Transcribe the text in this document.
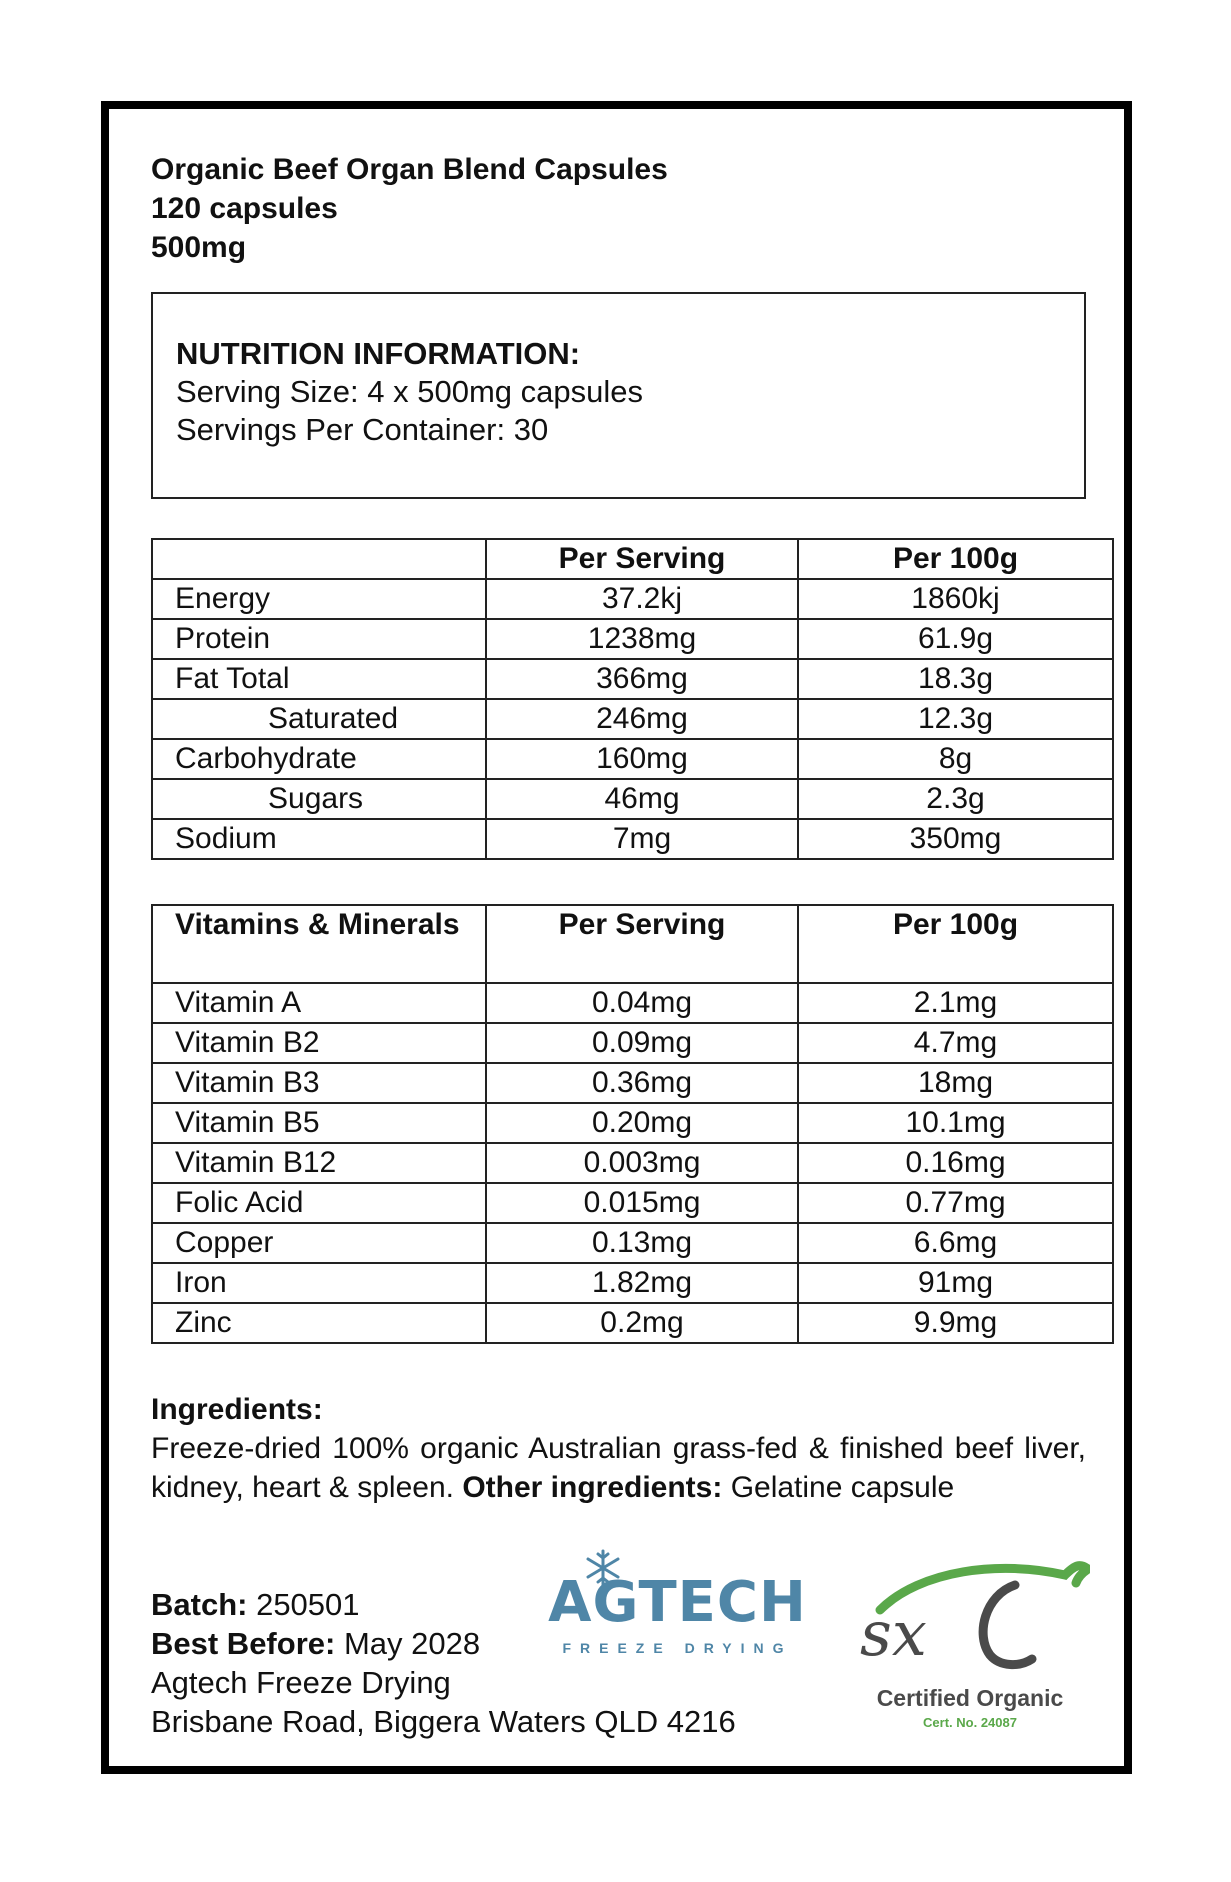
Organic Beef Organ Blend Capsules
120 capsules
500mg
NUTRITION INFORMATION:
Serving Size: 4 x 500mg capsules
Servings Per Container: 30
	Per Serving	Per 100g
Energy	37.2kj	1860kj
Protein	1238mg	61.9g
Fat Total	366mg	18.3g
Saturated	246mg	12.3g
Carbohydrate	160mg	8g
Sugars	46mg	2.3g
Sodium	7mg	350mg
Vitamins & Minerals	Per Serving	Per 100g
Vitamin A	0.04mg	2.1mg
Vitamin B2	0.09mg	4.7mg
Vitamin B3	0.36mg	18mg
Vitamin B5	0.20mg	10.1mg
Vitamin B12	0.003mg	0.16mg
Folic Acid	0.015mg	0.77mg
Copper	0.13mg	6.6mg
Iron	1.82mg	91mg
Zinc	0.2mg	9.9mg
Ingredients:
Freeze-dried 100% organic Australian grass-fed & finished beef liver, kidney, heart & spleen. Other ingredients: Gelatine capsule
Batch: 250501
Best Before: May 2028
Agtech Freeze Drying
Brisbane Road, Biggera Waters QLD 4216
AGTECH
FREEZE DRYING	sx
Certified Organic
Cert. No. 24087
